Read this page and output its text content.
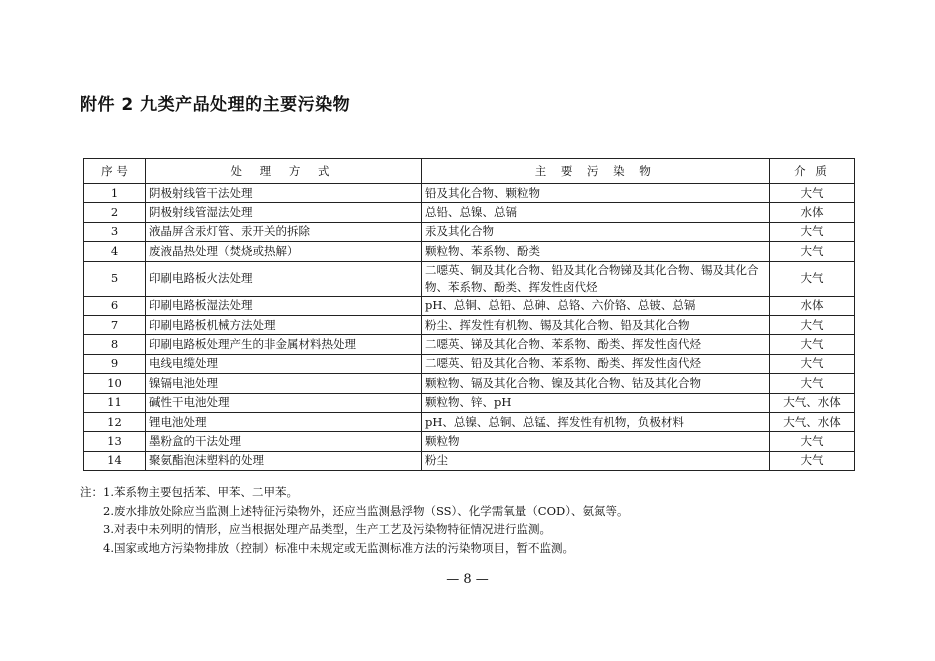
附件 2 九类产品处理的主要污染物
序 号	处 理 方 式	主 要 污 染 物	介 质
1	阴极射线管干法处理	铅及其化合物、颗粒物	大气
2	阴极射线管湿法处理	总铅、总镍、总镉	水体
3	液晶屏含汞灯管、汞开关的拆除	汞及其化合物	大气
4	废液晶热处理（焚烧或热解）	颗粒物、苯系物、酚类	大气
5	印刷电路板火法处理	二噁英、铜及其化合物、铅及其化合物锑及其化合物、锡及其化合物、苯系物、酚类、挥发性卤代烃	大气
6	印刷电路板湿法处理	pH、总铜、总铅、总砷、总铬、六价铬、总铍、总镉	水体
7	印刷电路板机械方法处理	粉尘、挥发性有机物、锡及其化合物、铅及其化合物	大气
8	印刷电路板处理产生的非金属材料热处理	二噁英、锑及其化合物、苯系物、酚类、挥发性卤代烃	大气
9	电线电缆处理	二噁英、铅及其化合物、苯系物、酚类、挥发性卤代烃	大气
10	镍镉电池处理	颗粒物、镉及其化合物、镍及其化合物、钴及其化合物	大气
11	碱性干电池处理	颗粒物、锌、pH	大气、水体
12	锂电池处理	pH、总镍、总铜、总锰、挥发性有机物，负极材料	大气、水体
13	墨粉盒的干法处理	颗粒物	大气
14	聚氨酯泡沫塑料的处理	粉尘	大气
注： 1.苯系物主要包括苯、甲苯、二甲苯。
2.废水排放处除应当监测上述特征污染物外，还应当监测悬浮物（SS）、化学需氧量（COD）、氨氮等。
3.对表中未列明的情形，应当根据处理产品类型，生产工艺及污染物特征情况进行监测。
4.国家或地方污染物排放（控制）标准中未规定或无监测标准方法的污染物项目，暂不监测。
— 8 —
